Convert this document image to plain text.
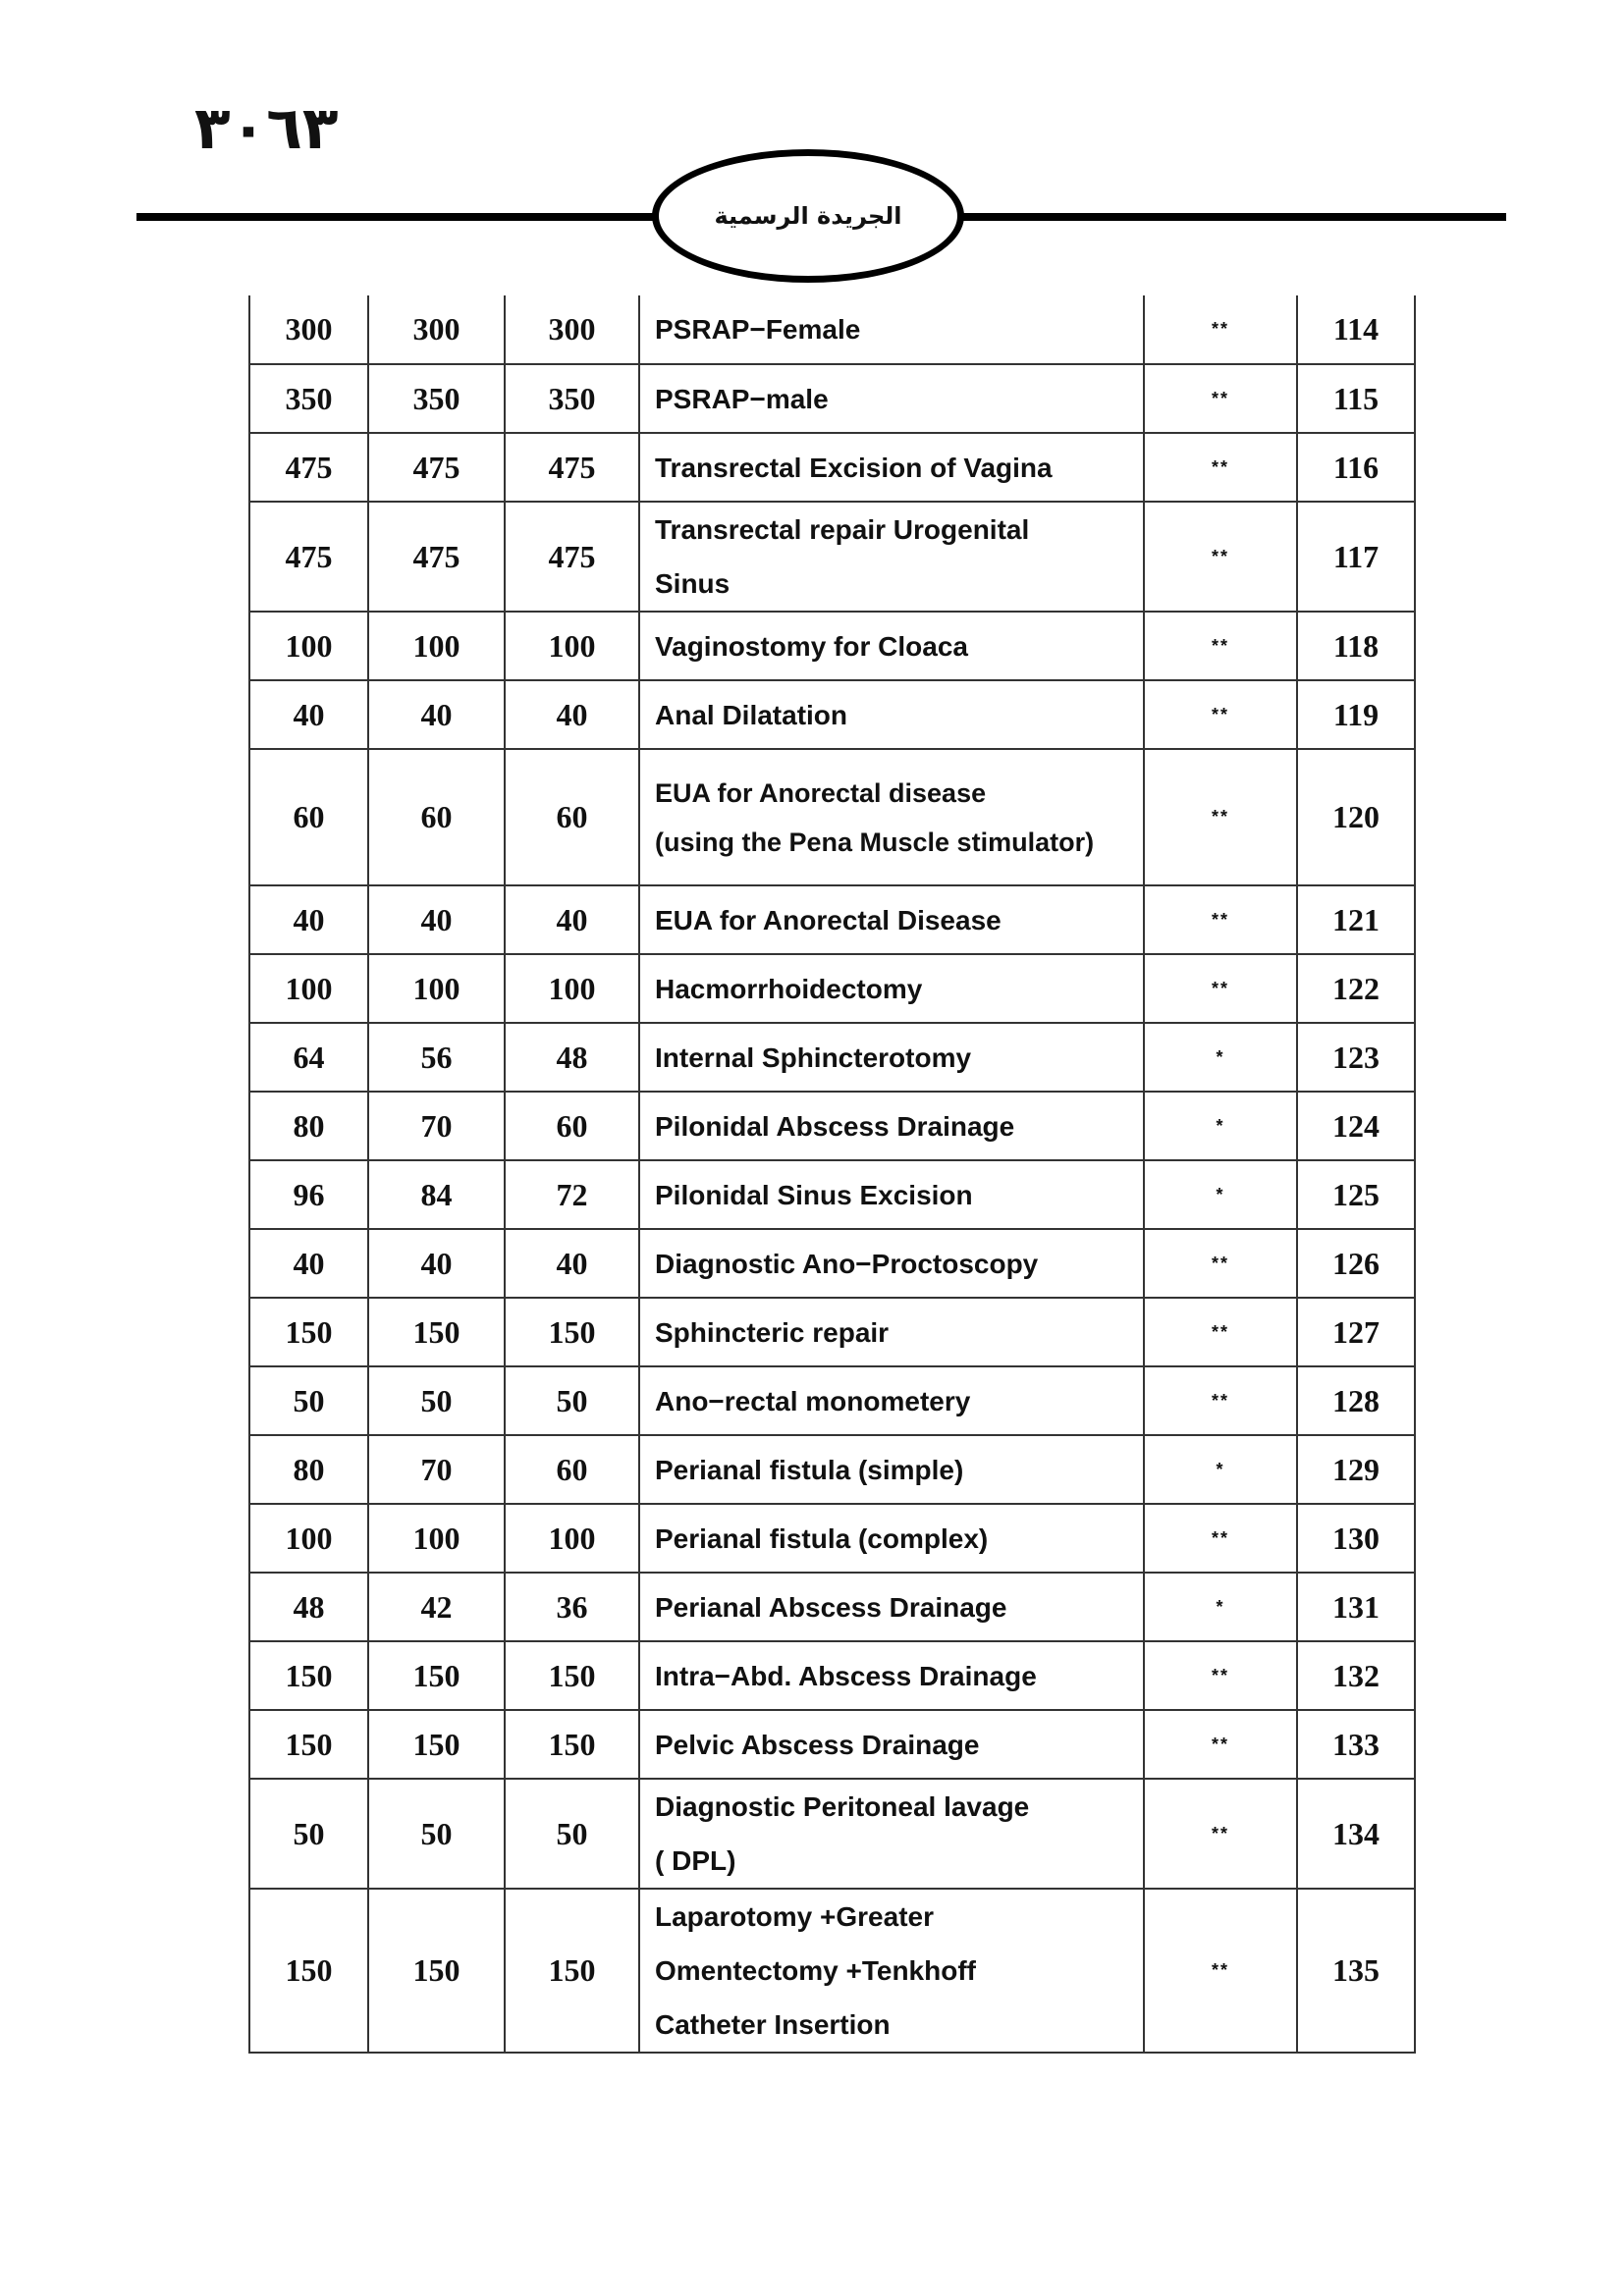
٣٠٦٣
الجريدة الرسمية
300	300	300	PSRAP−Female	**	114
350	350	350	PSRAP−male	**	115
475	475	475	Transrectal Excision of Vagina	**	116
475	475	475	Transrectal repair Urogenital
Sinus	**	117
100	100	100	Vaginostomy for Cloaca	**	118
40	40	40	Anal Dilatation	**	119
60	60	60	EUA for Anorectal disease
(using the Pena Muscle stimulator)	**	120
40	40	40	EUA for Anorectal Disease	**	121
100	100	100	Hacmorrhoidectomy	**	122
64	56	48	Internal Sphincterotomy	*	123
80	70	60	Pilonidal Abscess Drainage	*	124
96	84	72	Pilonidal Sinus Excision	*	125
40	40	40	Diagnostic Ano−Proctoscopy	**	126
150	150	150	Sphincteric repair	**	127
50	50	50	Ano−rectal monometery	**	128
80	70	60	Perianal fistula (simple)	*	129
100	100	100	Perianal fistula (complex)	**	130
48	42	36	Perianal Abscess Drainage	*	131
150	150	150	Intra−Abd. Abscess Drainage	**	132
150	150	150	Pelvic Abscess Drainage	**	133
50	50	50	Diagnostic Peritoneal lavage
( DPL)	**	134
150	150	150	Laparotomy +Greater
Omentectomy +Tenkhoff
Catheter Insertion	**	135
